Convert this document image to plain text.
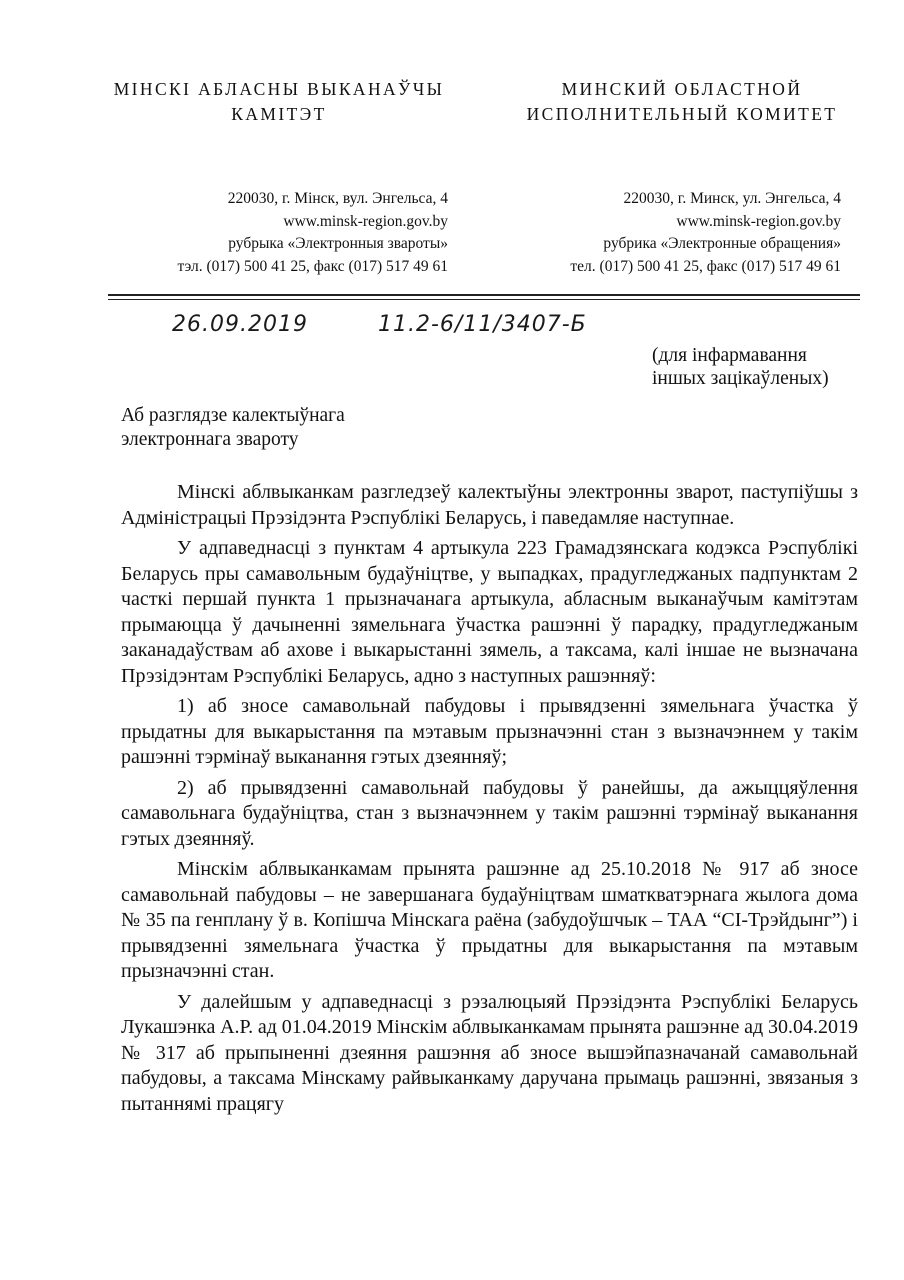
МІНСКІ АБЛАСНЫ ВЫКАНАЎЧЫ
КАМІТЭТ
МИНСКИЙ ОБЛАСТНОЙ
ИСПОЛНИТЕЛЬНЫЙ КОМИТЕТ
220030, г. Мінск, вул. Энгельса, 4
www.minsk-region.gov.by
рубрыка «Электронныя звароты»
тэл. (017) 500 41 25, факс (017) 517 49 61
220030, г. Минск, ул. Энгельса, 4
www.minsk-region.gov.by
рубрика «Электронные обращения»
тел. (017) 500 41 25, факс (017) 517 49 61
26.09.2019	11.2-6/11/3407-Б
(для інфармавання
іншых зацікаўленых)
Аб разглядзе калектыўнага
электроннага звароту

Мінскі аблвыканкам разгледзеў калектыўны электронны зварот, паступіўшы з Адміністрацыі Прэзідэнта Рэспублікі Беларусь, і паведамляе наступнае.

У адпаведнасці з пунктам 4 артыкула 223 Грамадзянскага кодэкса Рэспублікі Беларусь пры самавольным будаўніцтве, у выпадках, прадугледжаных падпунктам 2 часткі першай пункта 1 прызначанага артыкула, абласным выканаўчым камітэтам прымаюцца ў дачыненні зямельнага ўчастка рашэнні ў парадку, прадугледжаным заканадаўствам аб ахове і выкарыстанні зямель, а таксама, калі іншае не вызначана Прэзідэнтам Рэспублікі Беларусь, адно з наступных рашэнняў:

1) аб зносе самавольнай пабудовы і прывядзенні зямельнага ўчастка ў прыдатны для выкарыстання па мэтавым прызначэнні стан з вызначэннем у такім рашэнні тэрмінаў выканання гэтых дзеянняў;

2) аб прывядзенні самавольнай пабудовы ў ранейшы, да ажыццяўлення самавольнага будаўніцтва, стан з вызначэннем у такім рашэнні тэрмінаў выканання гэтых дзеянняў.

Мінскім аблвыканкамам прынята рашэнне ад 25.10.2018 № 917 аб зносе самавольнай пабудовы – не завершанага будаўніцтвам шматкватэрнага жылога дома № 35 па генплану ў в. Копішча Мінскага раёна (забудоўшчык – ТАА “СІ-Трэйдынг”) і прывядзенні зямельнага ўчастка ў прыдатны для выкарыстання па мэтавым прызначэнні стан.

У далейшым у адпаведнасці з рэзалюцыяй Прэзідэнта Рэспублікі Беларусь Лукашэнка А.Р. ад 01.04.2019 Мінскім аблвыканкамам прынята рашэнне ад 30.04.2019 № 317 аб прыпыненні дзеяння рашэння аб зносе вышэйпазначанай самавольнай пабудовы, а таксама Мінскаму райвыканкаму даручана прымаць рашэнні, звязаныя з пытаннямі працягу
